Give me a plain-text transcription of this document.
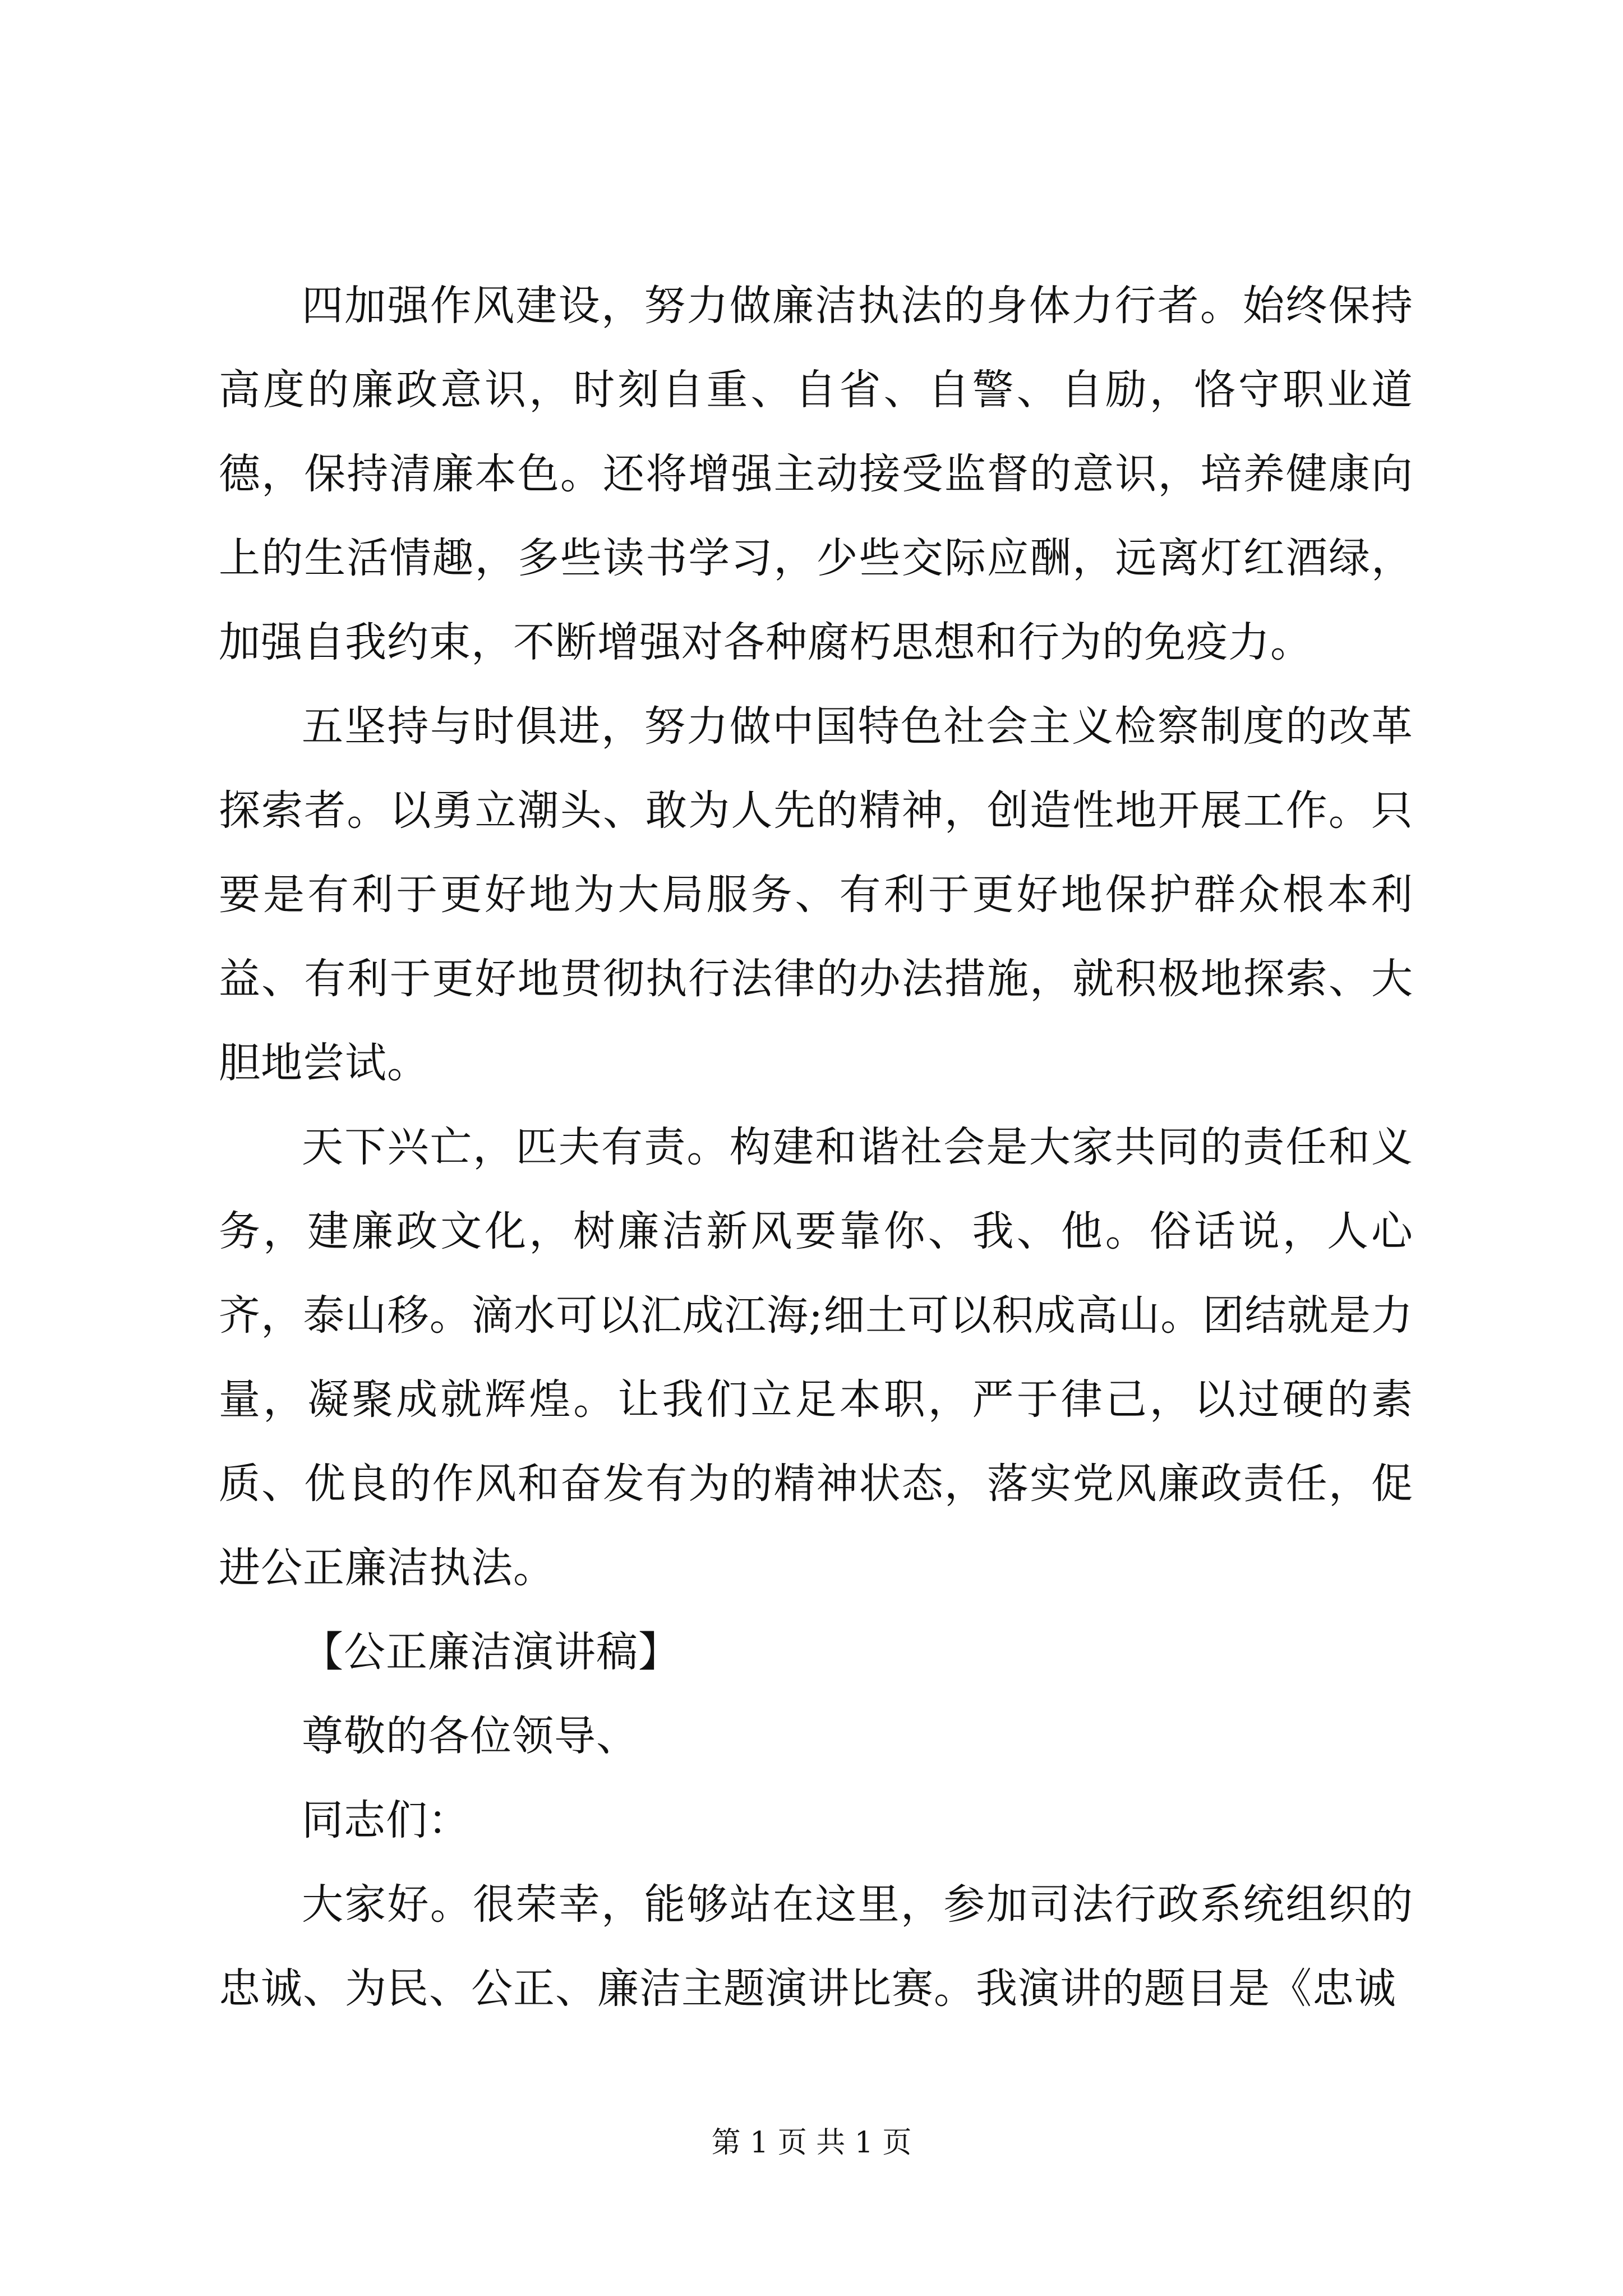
四加强作风建设，努力做廉洁执法的身体力行者。始终保持高度的廉政意识，时刻自重、自省、自警、自励，恪守职业道德，保持清廉本色。还将增强主动接受监督的意识，培养健康向上的生活情趣，多些读书学习，少些交际应酬，远离灯红酒绿，加强自我约束，不断增强对各种腐朽思想和行为的免疫力。

五坚持与时俱进，努力做中国特色社会主义检察制度的改革探索者。以勇立潮头、敢为人先的精神，创造性地开展工作。只要是有利于更好地为大局服务、有利于更好地保护群众根本利益、有利于更好地贯彻执行法律的办法措施，就积极地探索、大胆地尝试。

天下兴亡，匹夫有责。构建和谐社会是大家共同的责任和义务，建廉政文化，树廉洁新风要靠你、我、他。俗话说，人心齐，泰山移。滴水可以汇成江海;细土可以积成高山。团结就是力量，凝聚成就辉煌。让我们立足本职，严于律己，以过硬的素质、优良的作风和奋发有为的精神状态，落实党风廉政责任，促进公正廉洁执法。

【公正廉洁演讲稿】

尊敬的各位领导、

同志们：

大家好。很荣幸，能够站在这里，参加司法行政系统组织的忠诚、为民、公正、廉洁主题演讲比赛。我演讲的题目是《忠诚

第 1 页 共 1 页
